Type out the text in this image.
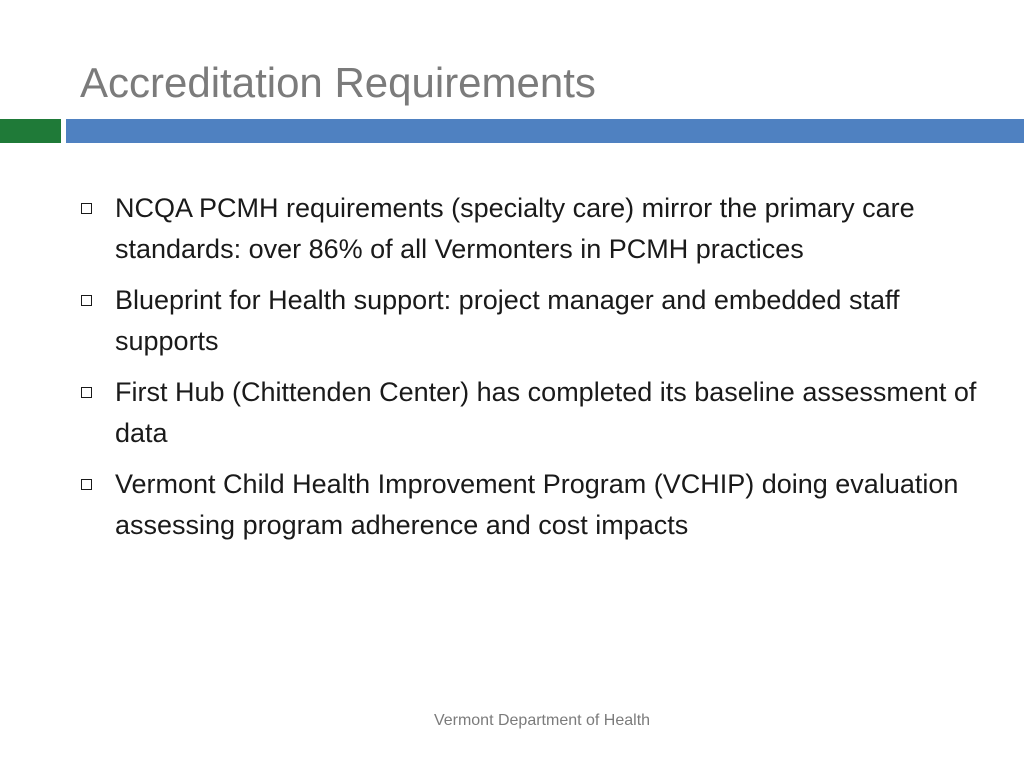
Accreditation Requirements
NCQA PCMH requirements (specialty care) mirror the primary care standards: over 86% of all Vermonters in PCMH practices
Blueprint for Health support: project manager and embedded staff supports
First Hub (Chittenden Center) has completed its baseline assessment of data
Vermont Child Health Improvement Program (VCHIP) doing evaluation assessing program adherence and cost impacts
Vermont Department of Health
